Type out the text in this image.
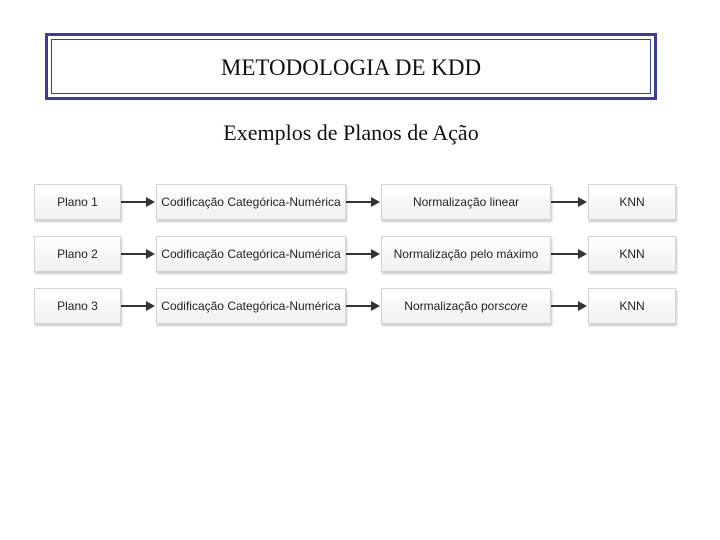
METODOLOGIA DE KDD
Exemplos de Planos de Ação
Plano 1	Codificação Categórica-Numérica	Normalização linear	KNN
Plano 2	Codificação Categórica-Numérica	Normalização pelo máximo	KNN
Plano 3	Codificação Categórica-Numérica	Normalização por score	KNN
